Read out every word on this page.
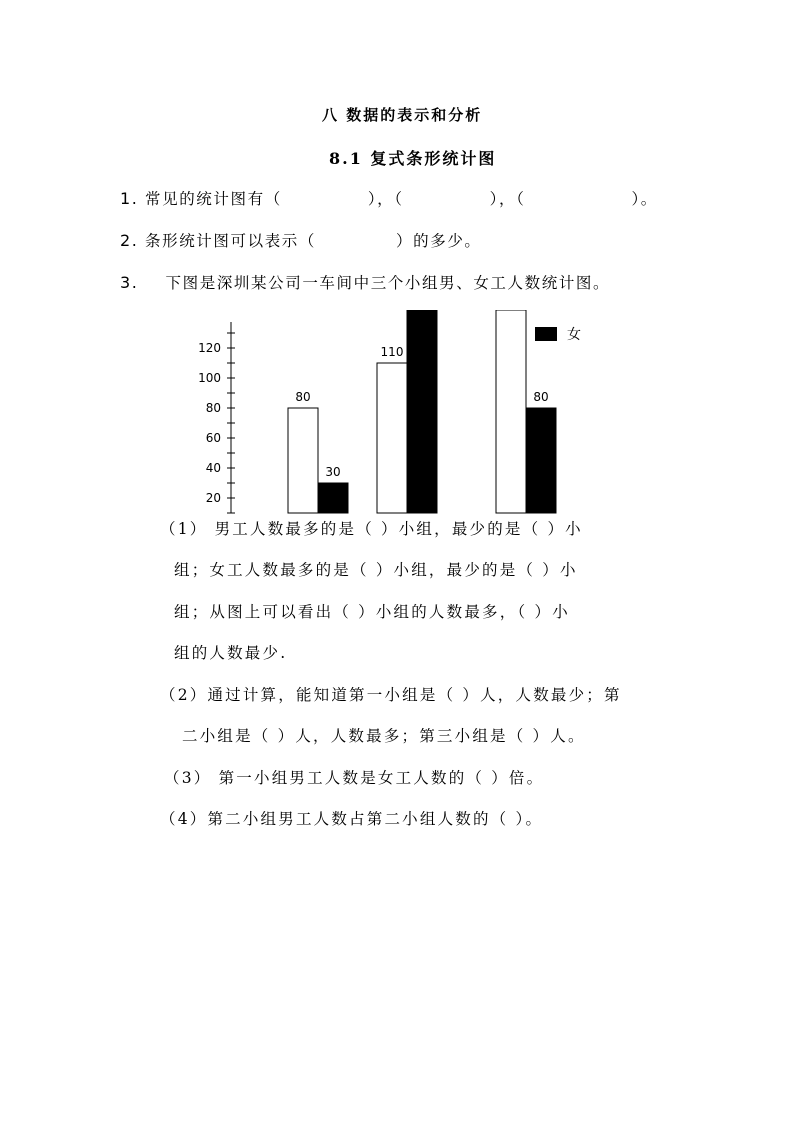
八 数据的表示和分析
8.1 复式条形统计图
1. 常见的统计图有（	），（	），（	）。
2. 条形统计图可以表示（	）的多少。
3. 下图是深圳某公司一车间中三个小组男、女工人数统计图。
20
40
60
80
100
120
80
30
110
80
女
（1） 男工人数最多的是（ ）小组，最少的是（ ）小
组；女工人数最多的是（ ）小组，最少的是（ ）小
组；从图上可以看出（ ）小组的人数最多，（ ）小
组的人数最少.
（2）通过计算，能知道第一小组是（ ）人，人数最少；第
二小组是（ ）人，人数最多；第三小组是（ ）人。
（3） 第一小组男工人数是女工人数的（ ）倍。
（4）第二小组男工人数占第二小组人数的（ ）。
